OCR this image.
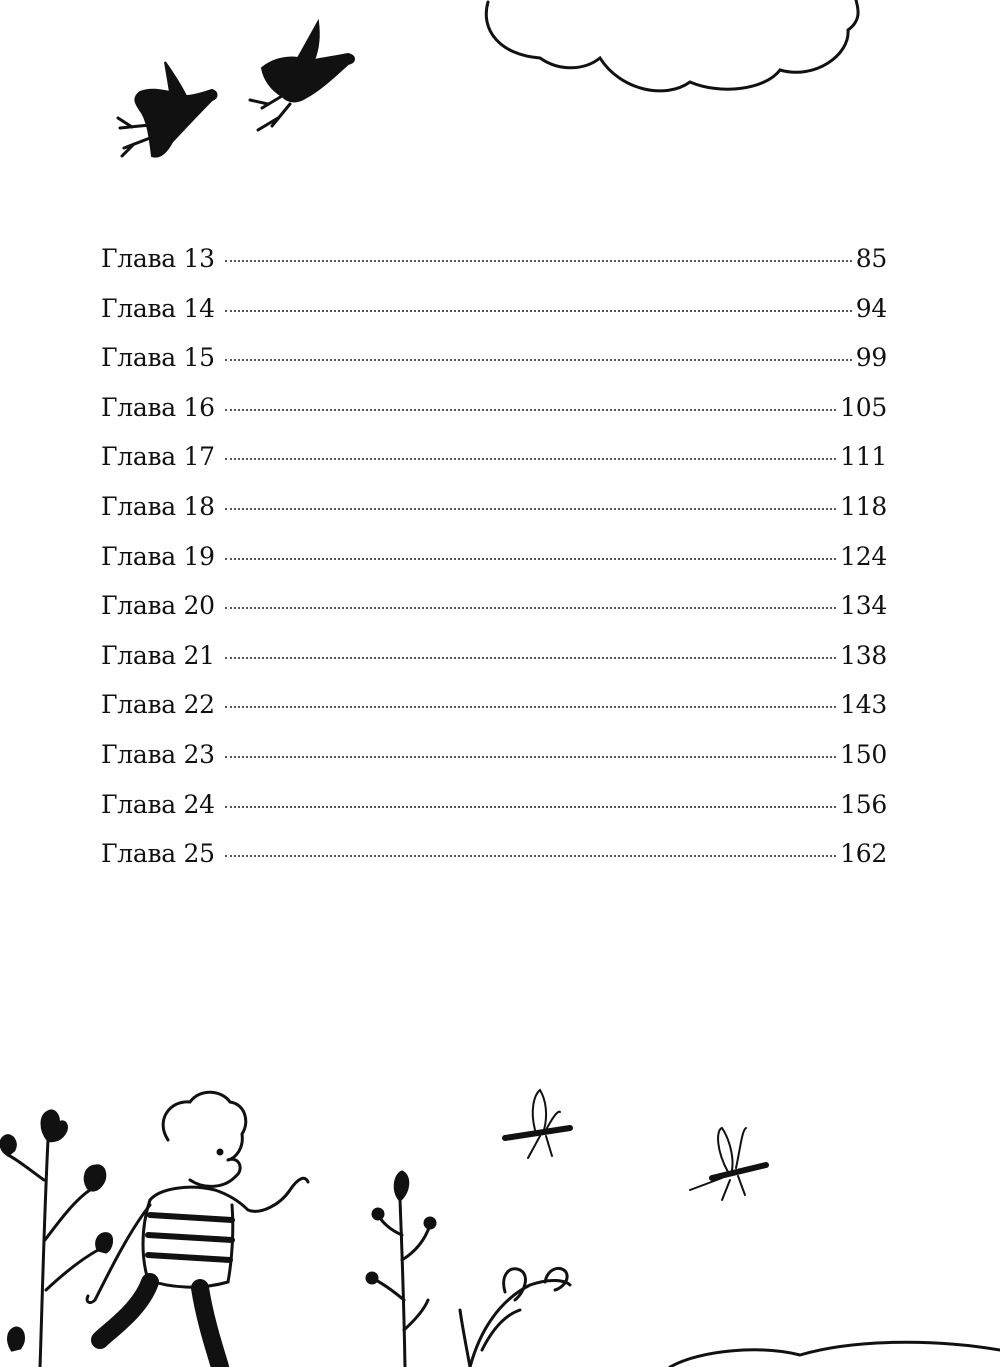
Глава 13	85
Глава 14	94
Глава 15	99
Глава 16	105
Глава 17	111
Глава 18	118
Глава 19	124
Глава 20	134
Глава 21	138
Глава 22	143
Глава 23	150
Глава 24	156
Глава 25	162
